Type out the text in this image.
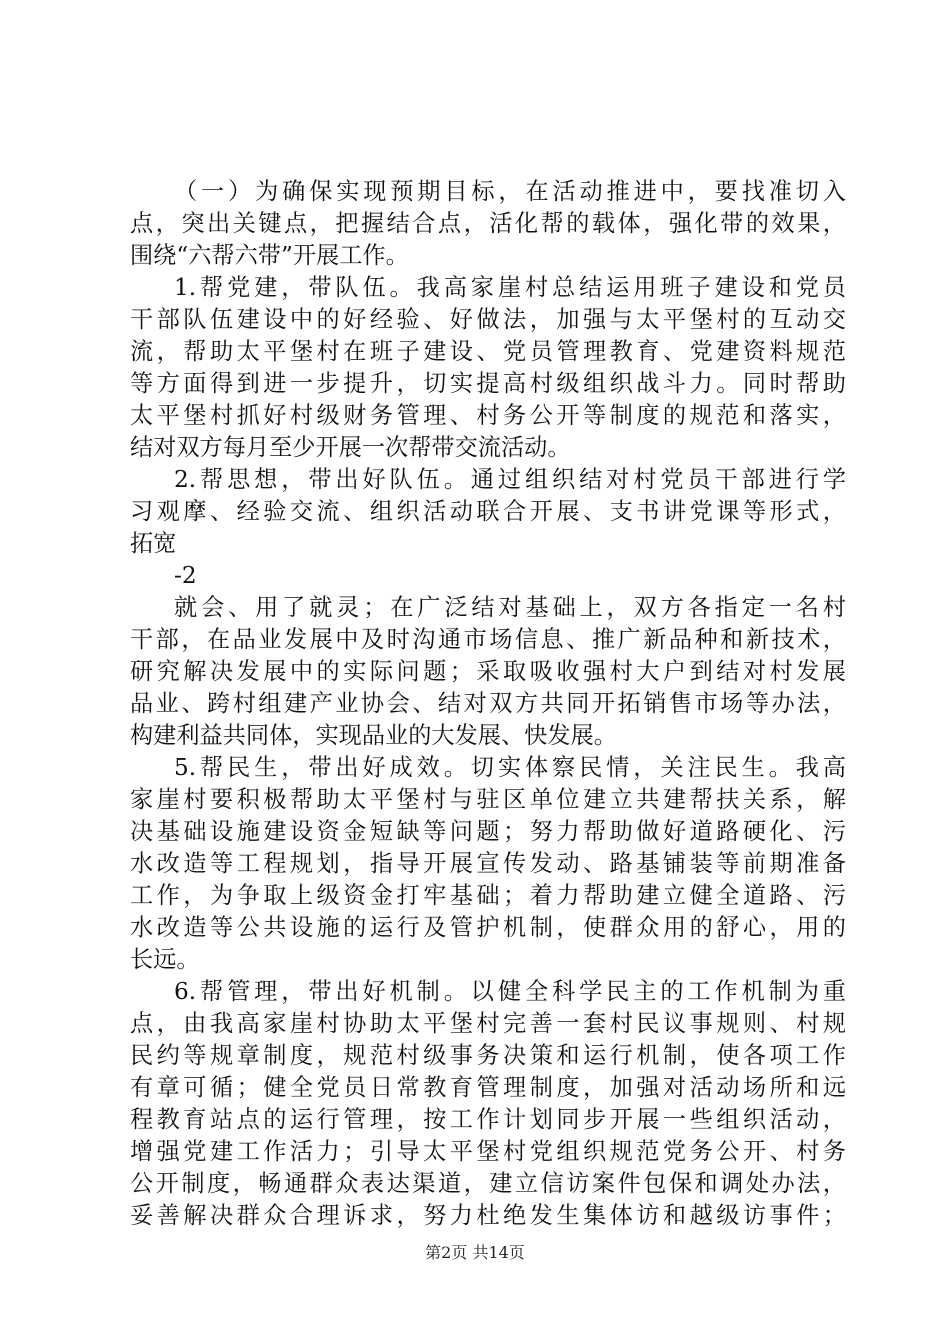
（一）为确保实现预期目标，在活动推进中，要找准切入
点，突出关键点，把握结合点，活化帮的载体，强化带的效果，
围绕“六帮六带”开展工作。
1.帮党建，带队伍。我高家崖村总结运用班子建设和党员
干部队伍建设中的好经验、好做法，加强与太平堡村的互动交
流，帮助太平堡村在班子建设、党员管理教育、党建资料规范
等方面得到进一步提升，切实提高村级组织战斗力。同时帮助
太平堡村抓好村级财务管理、村务公开等制度的规范和落实，
结对双方每月至少开展一次帮带交流活动。
2.帮思想，带出好队伍。通过组织结对村党员干部进行学
习观摩、经验交流、组织活动联合开展、支书讲党课等形式，
拓宽
-2
就会、用了就灵；在广泛结对基础上，双方各指定一名村
干部，在品业发展中及时沟通市场信息、推广新品种和新技术，
研究解决发展中的实际问题；采取吸收强村大户到结对村发展
品业、跨村组建产业协会、结对双方共同开拓销售市场等办法，
构建利益共同体，实现品业的大发展、快发展。
5.帮民生，带出好成效。切实体察民情，关注民生。我高
家崖村要积极帮助太平堡村与驻区单位建立共建帮扶关系，解
决基础设施建设资金短缺等问题；努力帮助做好道路硬化、污
水改造等工程规划，指导开展宣传发动、路基铺装等前期准备
工作，为争取上级资金打牢基础；着力帮助建立健全道路、污
水改造等公共设施的运行及管护机制，使群众用的舒心，用的
长远。
6.帮管理，带出好机制。以健全科学民主的工作机制为重
点，由我高家崖村协助太平堡村完善一套村民议事规则、村规
民约等规章制度，规范村级事务决策和运行机制，使各项工作
有章可循；健全党员日常教育管理制度，加强对活动场所和远
程教育站点的运行管理，按工作计划同步开展一些组织活动，
增强党建工作活力；引导太平堡村党组织规范党务公开、村务
公开制度，畅通群众表达渠道，建立信访案件包保和调处办法，
妥善解决群众合理诉求，努力杜绝发生集体访和越级访事件；
第2页 共14页
